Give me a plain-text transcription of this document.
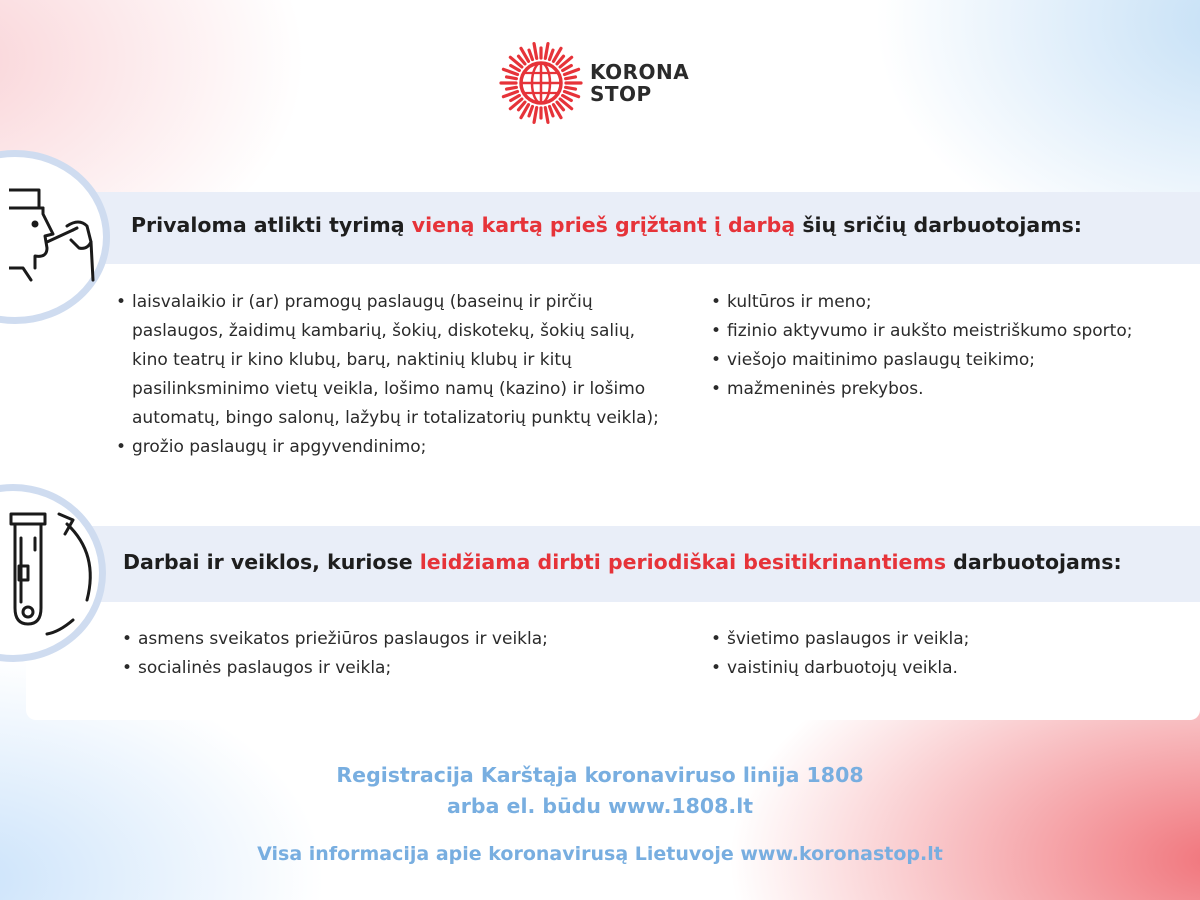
KORONA
STOP
Privaloma atlikti tyrimą vieną kartą prieš grįžtant į darbą šių sričių darbuotojams:
Darbai ir veiklos, kuriose leidžiama dirbti periodiškai besitikrinantiems darbuotojams:
• laisvalaikio ir (ar) pramogų paslaugų (baseinų ir pirčių paslaugos, žaidimų kambarių, šokių, diskotekų, šokių salių, kino teatrų ir kino klubų, barų, naktinių klubų ir kitų pasilinksminimo vietų veikla, lošimo namų (kazino) ir lošimo automatų, bingo salonų, lažybų ir totalizatorių punktų veikla);
• grožio paslaugų ir apgyvendinimo;
• kultūros ir meno;
• fizinio aktyvumo ir aukšto meistriškumo sporto;
• viešojo maitinimo paslaugų teikimo;
• mažmeninės prekybos.
• asmens sveikatos priežiūros paslaugos ir veikla;
• socialinės paslaugos ir veikla;
• švietimo paslaugos ir veikla;
• vaistinių darbuotojų veikla.
Registracija Karštąja koronaviruso linija 1808
arba el. būdu www.1808.lt
Visa informacija apie koronavirusą Lietuvoje www.koronastop.lt
